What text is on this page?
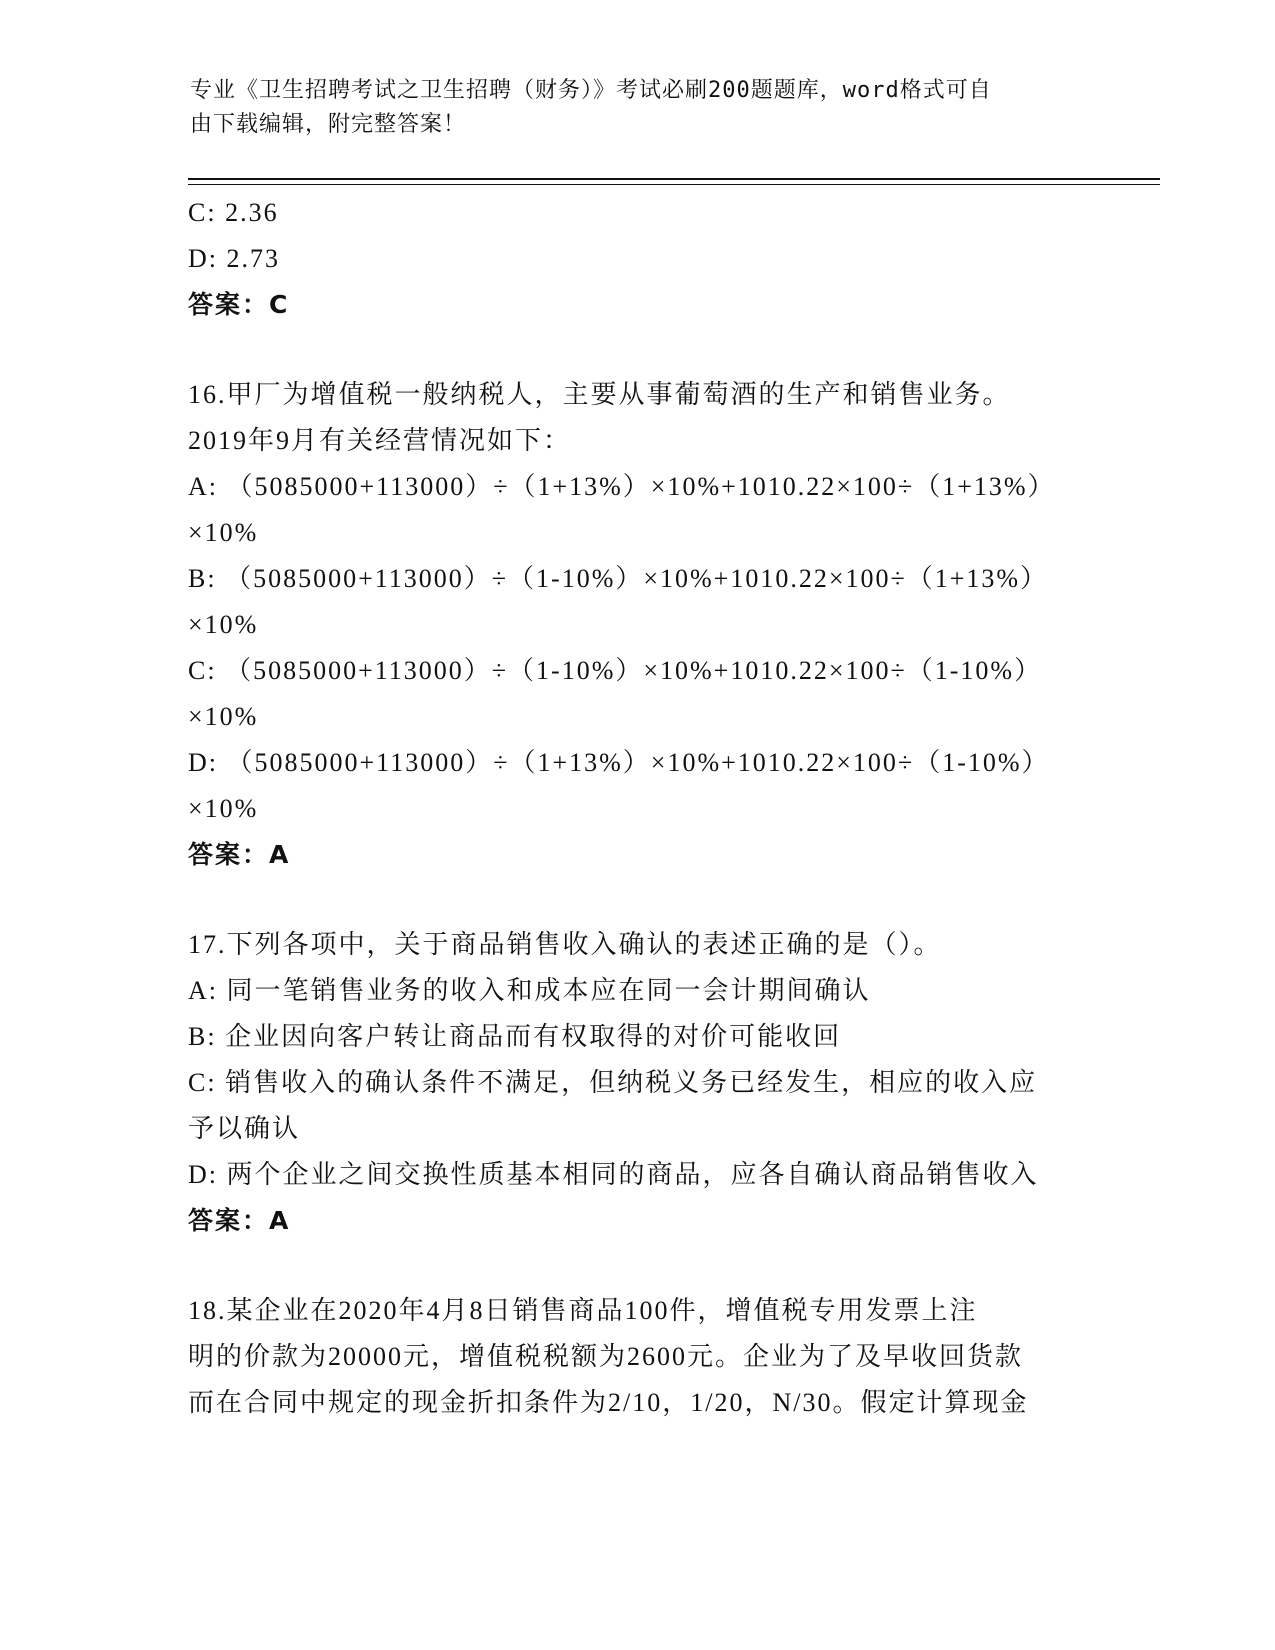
专业《卫生招聘考试之卫生招聘（财务）》考试必刷200题题库，word格式可自
由下载编辑，附完整答案！
C: 2.36
D: 2.73
答案：C
16.甲厂为增值税一般纳税人，主要从事葡萄酒的生产和销售业务。
2019年9月有关经营情况如下：
A: （5085000+113000）÷（1+13%）×10%+1010.22×100÷（1+13%）
×10%
B: （5085000+113000）÷（1-10%）×10%+1010.22×100÷（1+13%）
×10%
C: （5085000+113000）÷（1-10%）×10%+1010.22×100÷（1-10%）
×10%
D: （5085000+113000）÷（1+13%）×10%+1010.22×100÷（1-10%）
×10%
答案：A
17.下列各项中，关于商品销售收入确认的表述正确的是（）。
A: 同一笔销售业务的收入和成本应在同一会计期间确认
B: 企业因向客户转让商品而有权取得的对价可能收回
C: 销售收入的确认条件不满足，但纳税义务已经发生，相应的收入应
予以确认
D: 两个企业之间交换性质基本相同的商品，应各自确认商品销售收入
答案：A
18.某企业在2020年4月8日销售商品100件，增值税专用发票上注
明的价款为20000元，增值税税额为2600元。企业为了及早收回货款
而在合同中规定的现金折扣条件为2/10，1/20，N/30。假定计算现金
